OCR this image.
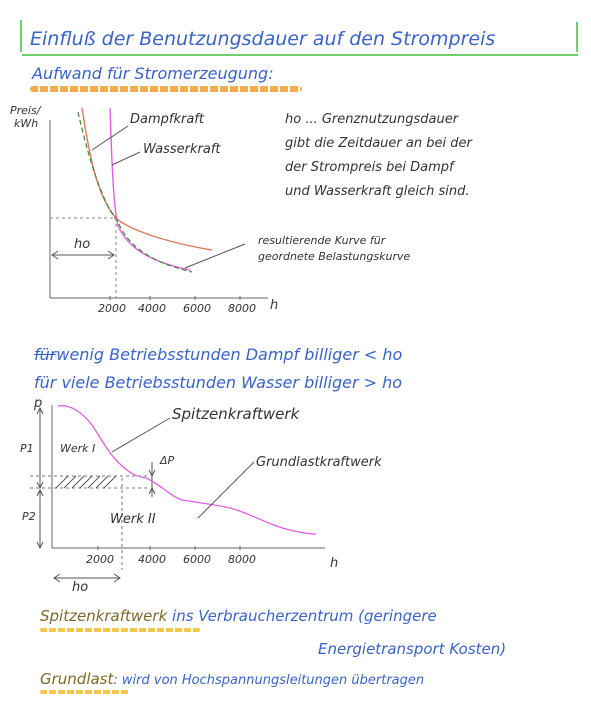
Einfluß der Benutzungsdauer auf den Strompreis
Aufwand für Stromerzeugung:
Preis/
kWh	Dampfkraft
Wasserkraft
ho	resultierende Kurve für
geordnete Belastungskurve
2000 4000 6000 8000 h
ho ... Grenznutzungsdauer
gibt die Zeitdauer an bei der
der Strompreis bei Dampf
und Wasserkraft gleich sind.
fürwenig Betriebsstunden Dampf billiger < ho
für viele Betriebsstunden Wasser billiger > ho
p
P1
P2
Werk I
Werk II
ΔP
Spitzenkraftwerk
Grundlastkraftwerk
ho
2000 4000 6000 8000	h
Spitzenkraftwerk ins Verbraucherzentrum (geringere
Energietransport Kosten)
Grundlast: wird von Hochspannungsleitungen übertragen
